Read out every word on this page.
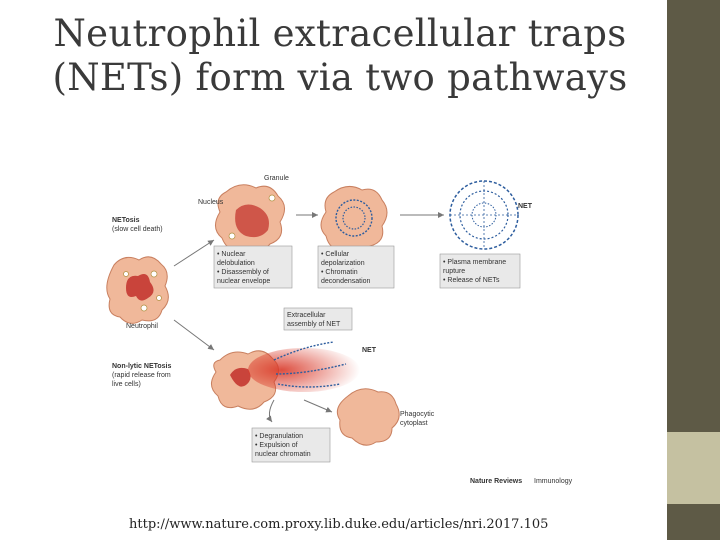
Neutrophil extracellular traps
(NETs) form via two pathways
Neutrophil
NETosis
(slow cell death)
Granule
Nucleus
NET
• Nuclear
delobulation
• Disassembly of
nuclear envelope
• Cellular
depolarization
• Chromatin
decondensation
• Plasma membrane
rupture
• Release of NETs
Extracellular
assembly of NET
Non-lytic NETosis
(rapid release from
live cells)
NET
Phagocytic
cytoplast
• Degranulation
• Expulsion of
nuclear chromatin
Nature Reviews Immunology
http://www.nature.com.proxy.lib.duke.edu/articles/nri.2017.105
